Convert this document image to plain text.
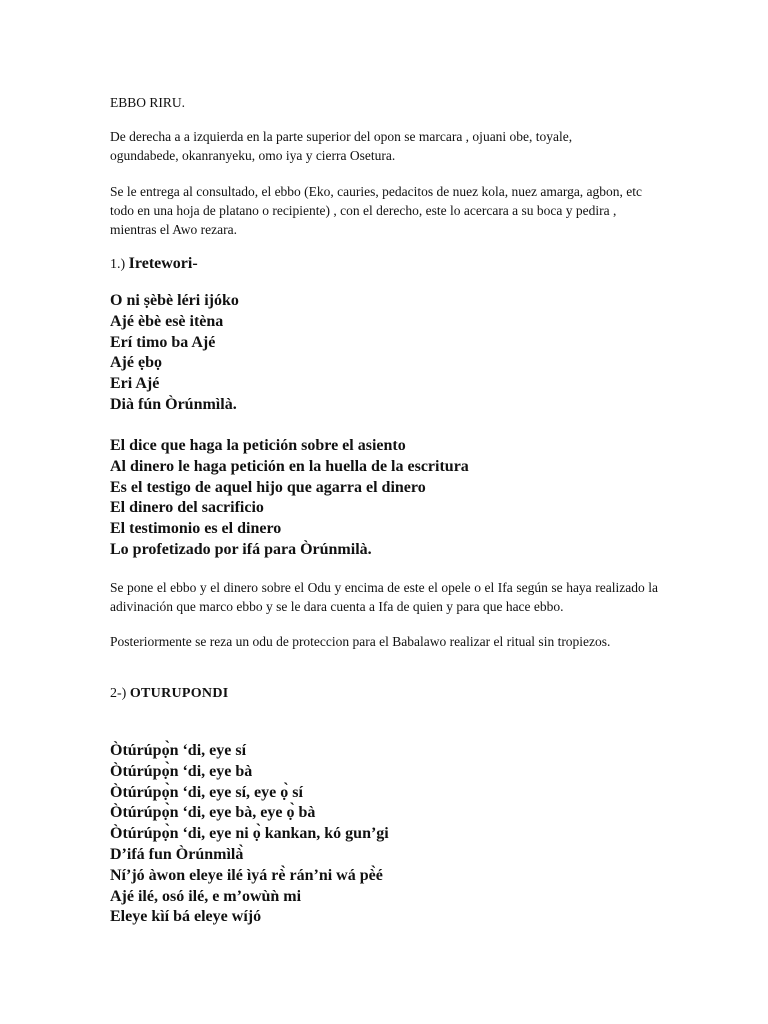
EBBO RIRU.

De derecha a a izquierda en la parte superior del opon se marcara , ojuani obe, toyale, ogundabede, okanranyeku, omo iya y cierra Osetura.

Se le entrega al consultado, el ebbo (Eko, cauries, pedacitos de nuez kola, nuez amarga, agbon, etc todo en una hoja de platano o recipiente) , con el derecho, este lo acercara a su boca y pedira , mientras el Awo rezara.

1.) Iretewori-

O ni ṣèbè léri ijóko

Ajé èbè esè itèna

Erí timo ba Ajé

Ajé ẹbọ

Eri Ajé

Dià fún Òrúnmìlà.

El dice que haga la petición sobre el asiento

Al dinero le haga petición en la huella de la escritura

Es el testigo de aquel hijo que agarra el dinero

El dinero del sacrificio

El testimonio es el dinero

Lo profetizado por ifá para Òrúnmilà.

Se pone el ebbo y el dinero sobre el Odu y encima de este el opele o el Ifa según se haya realizado la adivinación que marco ebbo y se le dara cuenta a Ifa de quien y para que hace ebbo.

Posteriormente se reza un odu de proteccion para el Babalawo realizar el ritual sin tropiezos.

2-) OTURUPONDI

Òtúrúpọ̀n ‘di, eye sí

Òtúrúpọ̀n ‘di, eye bà

Òtúrúpọ̀n ‘di, eye sí, eye ọ̀ sí

Òtúrúpọ̀n ‘di, eye bà, eye ọ̀ bà

Òtúrúpọ̀n ‘di, eye ni ọ̀ kankan, kó gun’gi

D’ifá fun Òrúnmìlà̀

Ní’jó àwon eleye ilé ìyá rè̀ rán’ni wá pè̀é

Ajé ilé, osó ilé, e m’owùǹ mi

Eleye kìí bá eleye wíjó
